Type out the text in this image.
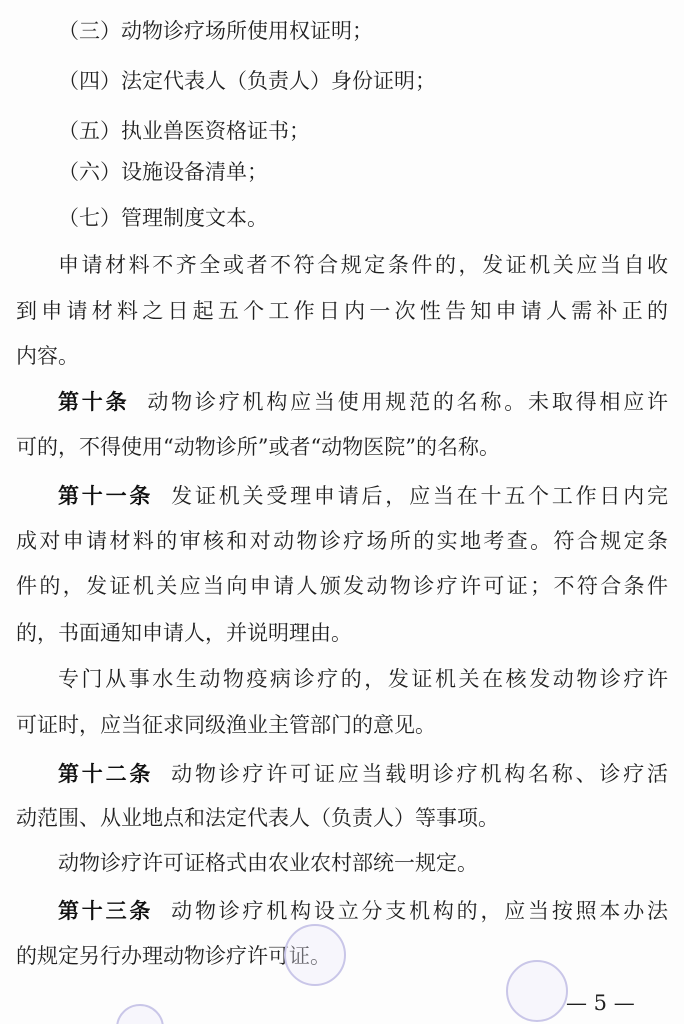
（三）动物诊疗场所使用权证明；
（四）法定代表人（负责人）身份证明；
（五）执业兽医资格证书；
（六）设施设备清单；
（七）管理制度文本。
申请材料不齐全或者不符合规定条件的，发证机关应当自收
到申请材料之日起五个工作日内一次性告知申请人需补正的
内容。
第十条 动物诊疗机构应当使用规范的名称。未取得相应许
可的，不得使用“动物诊所”或者“动物医院”的名称。
第十一条 发证机关受理申请后，应当在十五个工作日内完
成对申请材料的审核和对动物诊疗场所的实地考查。符合规定条
件的，发证机关应当向申请人颁发动物诊疗许可证；不符合条件
的，书面通知申请人，并说明理由。
专门从事水生动物疫病诊疗的，发证机关在核发动物诊疗许
可证时，应当征求同级渔业主管部门的意见。
第十二条 动物诊疗许可证应当载明诊疗机构名称、诊疗活
动范围、从业地点和法定代表人（负责人）等事项。
动物诊疗许可证格式由农业农村部统一规定。
第十三条 动物诊疗机构设立分支机构的，应当按照本办法
的规定另行办理动物诊疗许可证。
— 5 —
